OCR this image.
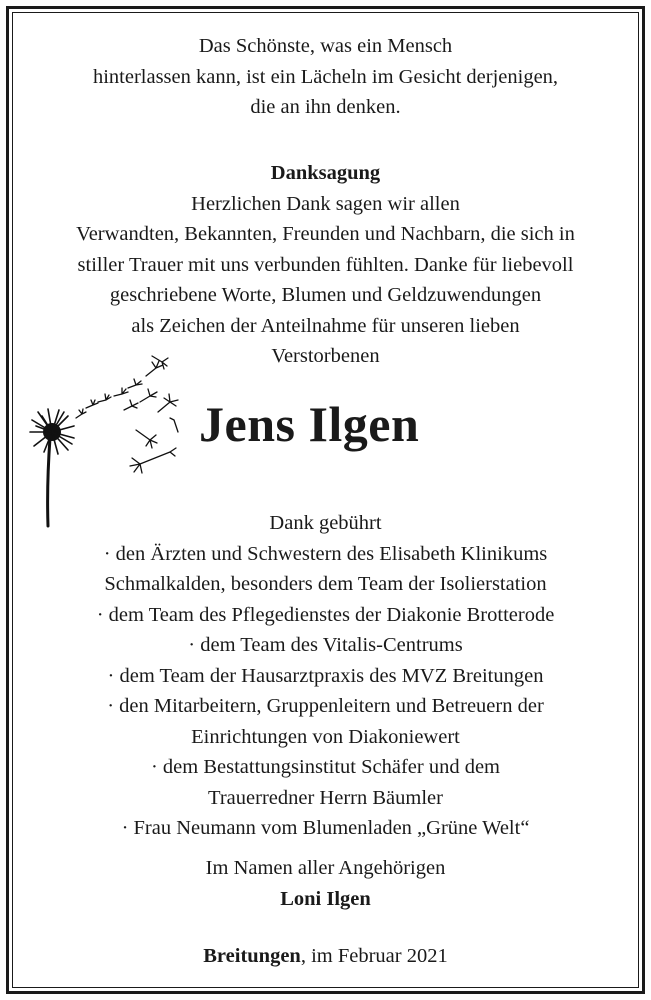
Das Schönste, was ein Mensch
hinterlassen kann, ist ein Lächeln im Gesicht derjenigen,
die an ihn denken.
Danksagung
Herzlichen Dank sagen wir allen
Verwandten, Bekannten, Freunden und Nachbarn, die sich in
stiller Trauer mit uns verbunden fühlten. Danke für liebevoll
geschriebene Worte, Blumen und Geldzuwendungen
als Zeichen der Anteilnahme für unseren lieben
Verstorbenen
Jens Ilgen
Dank gebührt
· den Ärzten und Schwestern des Elisabeth Klinikums
Schmalkalden, besonders dem Team der Isolierstation
· dem Team des Pflegedienstes der Diakonie Brotterode
· dem Team des Vitalis-Centrums
· dem Team der Hausarztpraxis des MVZ Breitungen
· den Mitarbeitern, Gruppenleitern und Betreuern der
Einrichtungen von Diakoniewert
· dem Bestattungsinstitut Schäfer und dem
Trauerredner Herrn Bäumler
· Frau Neumann vom Blumenladen „Grüne Welt“
Im Namen aller Angehörigen
Loni Ilgen
Breitungen, im Februar 2021
